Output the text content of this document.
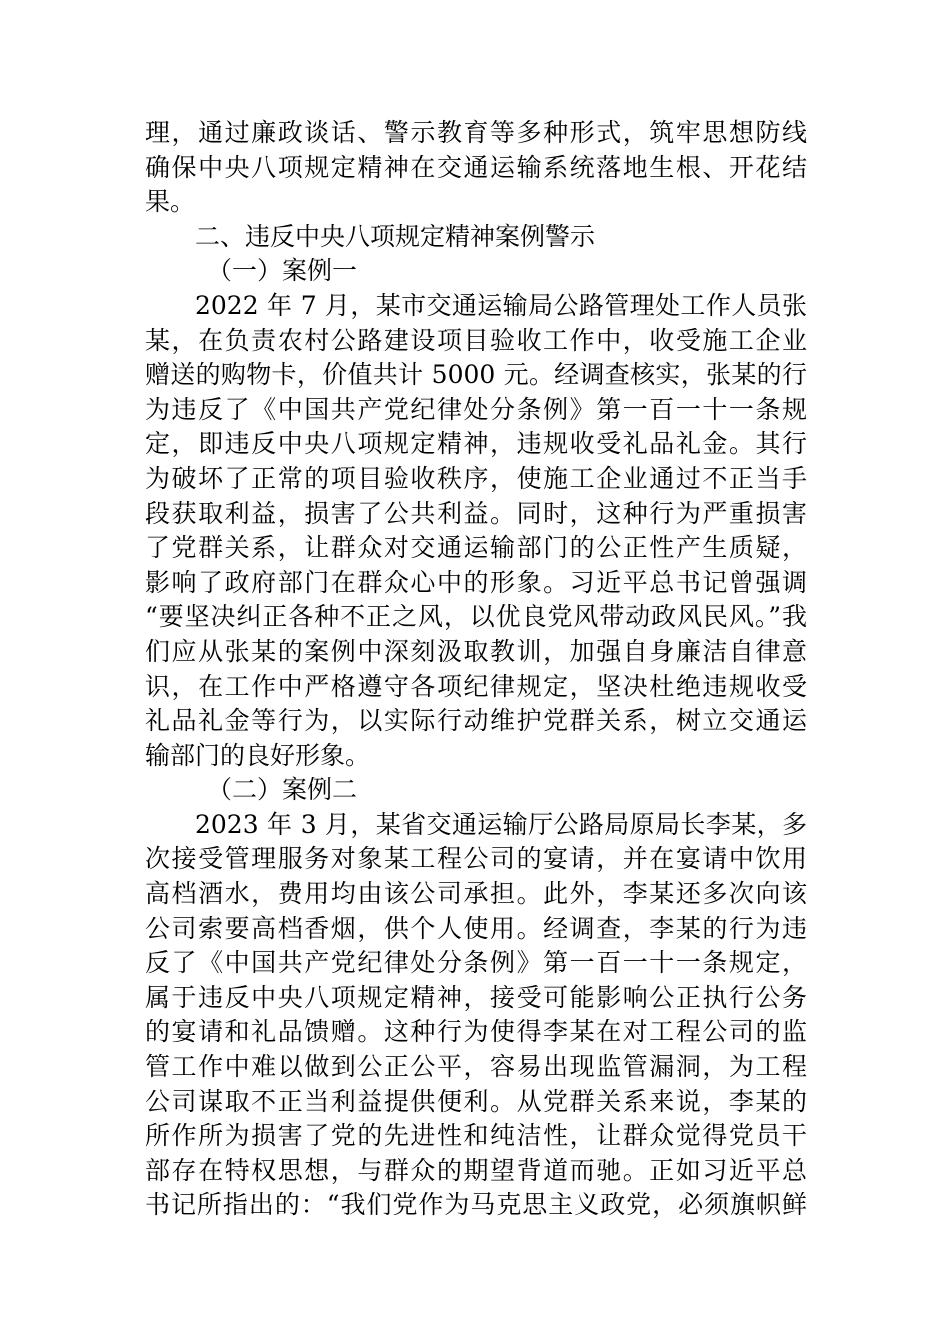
理，通过廉政谈话、警示教育等多种形式，筑牢思想防线
确保中央八项规定精神在交通运输系统落地生根、开花结
果。

二、违反中央八项规定精神案例警示

（一）案例一

2022 年 7 月，某市交通运输局公路管理处工作人员张
某，在负责农村公路建设项目验收工作中，收受施工企业
赠送的购物卡，价值共计 5000 元。经调查核实，张某的行
为违反了《中国共产党纪律处分条例》第一百一十一条规
定，即违反中央八项规定精神，违规收受礼品礼金。其行
为破坏了正常的项目验收秩序，使施工企业通过不正当手
段获取利益，损害了公共利益。同时，这种行为严重损害
了党群关系，让群众对交通运输部门的公正性产生质疑，
影响了政府部门在群众心中的形象。习近平总书记曾强调
“要坚决纠正各种不正之风，以优良党风带动政风民风。”我
们应从张某的案例中深刻汲取教训，加强自身廉洁自律意
识，在工作中严格遵守各项纪律规定，坚决杜绝违规收受
礼品礼金等行为，以实际行动维护党群关系，树立交通运
输部门的良好形象。

（二）案例二

2023 年 3 月，某省交通运输厅公路局原局长李某，多
次接受管理服务对象某工程公司的宴请，并在宴请中饮用
高档酒水，费用均由该公司承担。此外，李某还多次向该
公司索要高档香烟，供个人使用。经调查，李某的行为违
反了《中国共产党纪律处分条例》第一百一十一条规定，
属于违反中央八项规定精神，接受可能影响公正执行公务
的宴请和礼品馈赠。这种行为使得李某在对工程公司的监
管工作中难以做到公正公平，容易出现监管漏洞，为工程
公司谋取不正当利益提供便利。从党群关系来说，李某的
所作所为损害了党的先进性和纯洁性，让群众觉得党员干
部存在特权思想，与群众的期望背道而驰。正如习近平总
书记所指出的：“我们党作为马克思主义政党，必须旗帜鲜
